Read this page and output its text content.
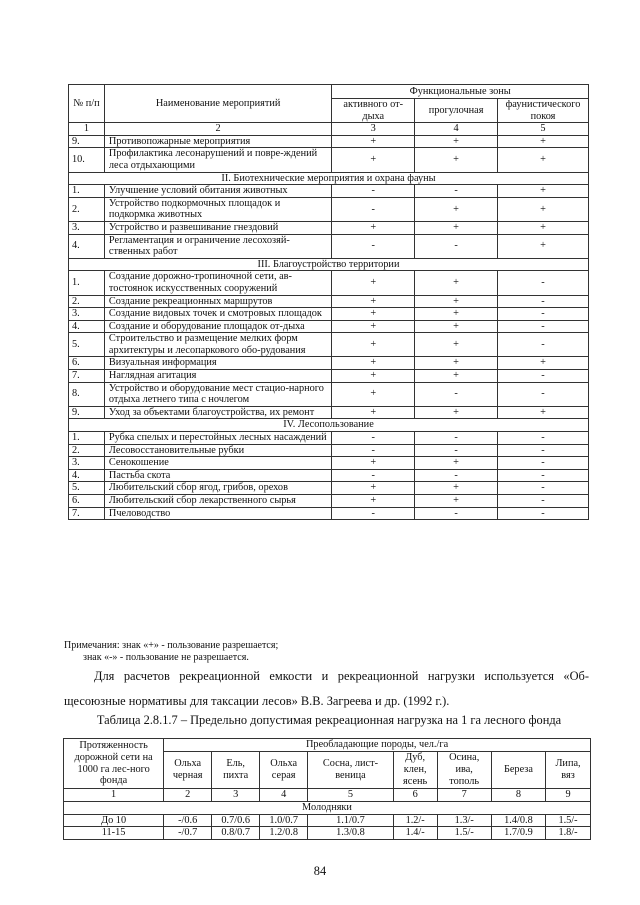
№ п/п	Наименование мероприятий	Функциональные зоны		
		активного от-дыха	прогулочная	фаунистического покоя
1	2	3	4	5
9.	Противопожарные мероприятия	+	+	+
10.	Профилактика лесонарушений и повре-ждений леса отдыхающими	+	+	+
II. Биотехнические мероприятия и охрана фауны				
1.	Улучшение условий обитания животных	-	-	+
2.	Устройство подкормочных площадок и подкормка животных	-	+	+
3.	Устройство и развешивание гнездовий	+	+	+
4.	Регламентация и ограничение лесохозяй-ственных работ	-	-	+
III. Благоустройство территории				
1.	Создание дорожно-тропиночной сети, ав-тостоянок искусственных сооружений	+	+	-
2.	Создание рекреационных маршрутов	+	+	-
3.	Создание видовых точек и смотровых площадок	+	+	-
4.	Создание и оборудование площадок от-дыха	+	+	-
5.	Строительство и размещение мелких форм архитектуры и лесопаркового обо-рудования	+	+	-
6.	Визуальная информация	+	+	+
7.	Наглядная агитация	+	+	-
8.	Устройство и оборудование мест стацио-нарного отдыха летнего типа с ночлегом	+	-	-
9.	Уход за объектами благоустройства, их ремонт	+	+	+
IV. Лесопользование				
1.	Рубка спелых и перестойных лесных насаждений	-	-	-
2.	Лесовосстановительные рубки	-	-	-
3.	Сенокошение	+	+	-
4.	Пастьба скота	-	-	-
5.	Любительский сбор ягод, грибов, орехов	+	+	-
6.	Любительский сбор лекарственного сырья	+	+	-
7.	Пчеловодство	-	-	-
Примечания: знак «+» - пользование разрешается;
знак «-» - пользование не разрешается.
Для расчетов рекреационной емкости и рекреационной нагрузки используется «Об-щесоюзные нормативы для таксации лесов» В.В. Загреева и др. (1992 г.).
Таблица 2.8.1.7 – Предельно допустимая рекреационная нагрузка на 1 га лесного фонда
Протяженность дорожной сети на 1000 га лес-ного фонда	Преобладающие породы, чел./га							
	Ольха черная	Ель, пихта	Ольха серая	Сосна, лист-веница	Дуб, клен, ясень	Осина, ива, тополь	Береза	Липа, вяз
1	2	3	4	5	6	7	8	9
Молодняки								
До 10	-/0.6	0.7/0.6	1.0/0.7	1.1/0.7	1.2/-	1.3/-	1.4/0.8	1.5/-
11-15	-/0.7	0.8/0.7	1.2/0.8	1.3/0.8	1.4/-	1.5/-	1.7/0.9	1.8/-
84
